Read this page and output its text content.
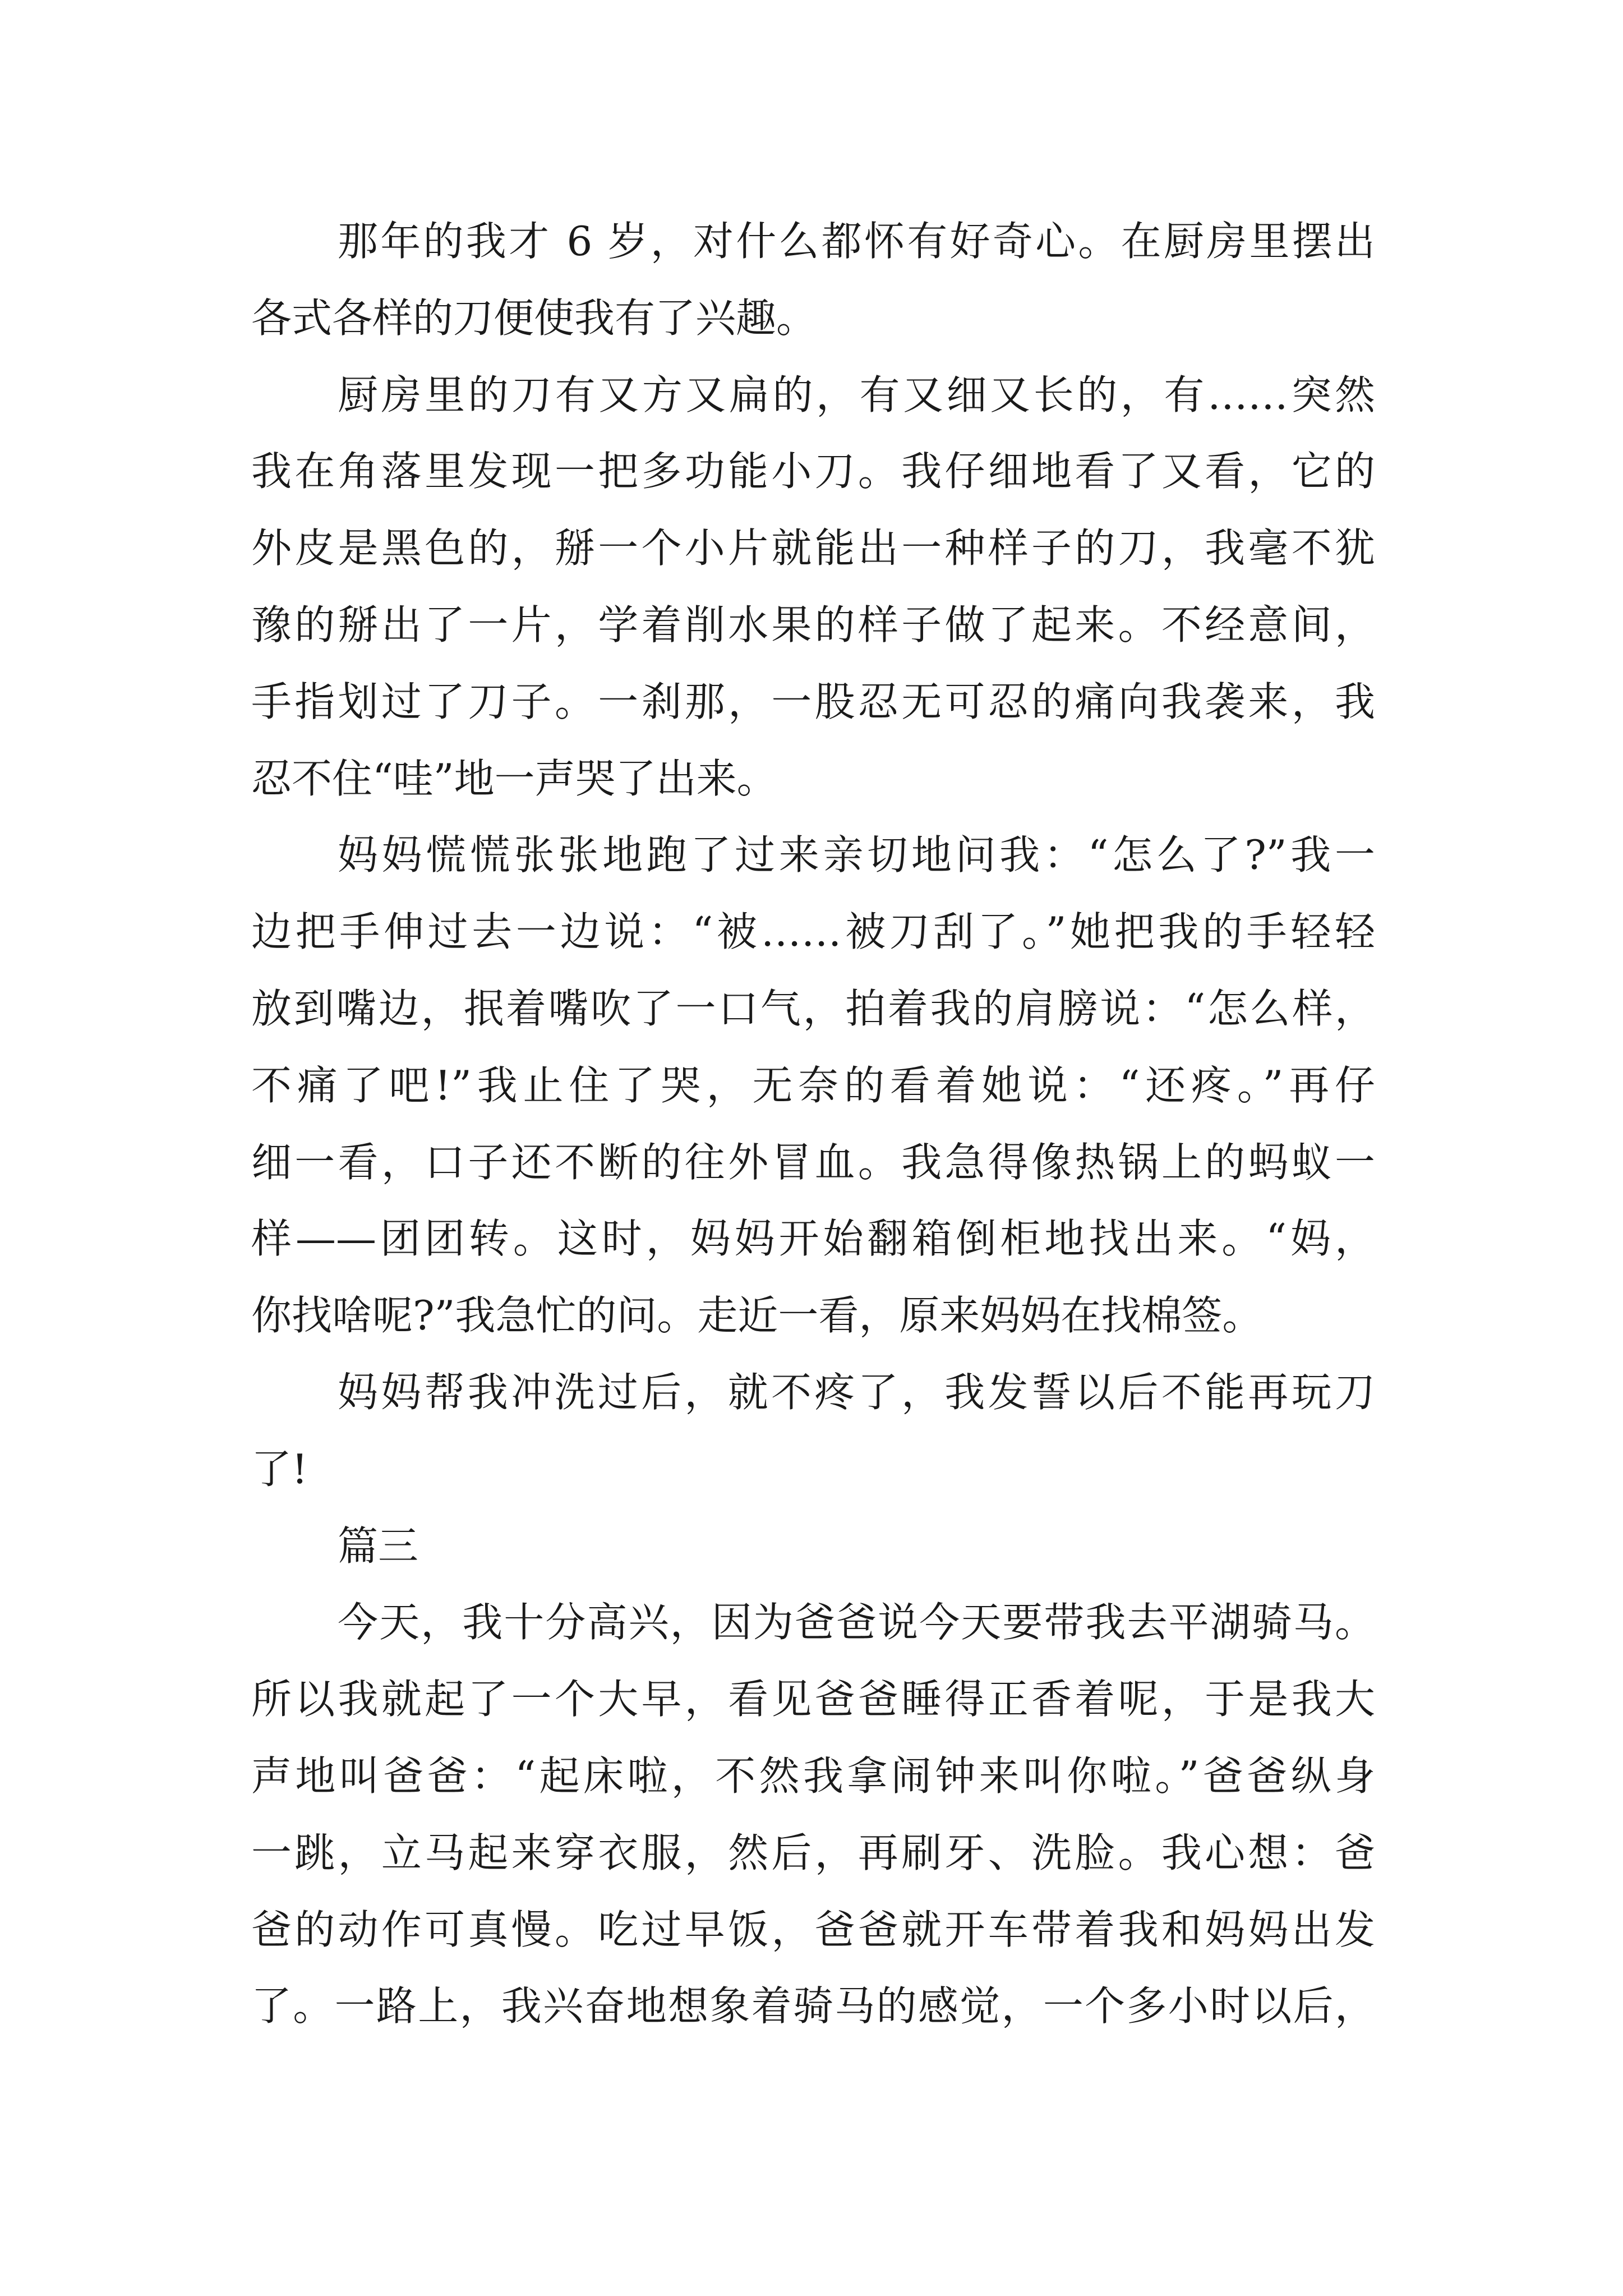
那年的我才 6 岁，对什么都怀有好奇心。在厨房里摆出
各式各样的刀便使我有了兴趣。
厨房里的刀有又方又扁的，有又细又长的，有……突然
我在角落里发现一把多功能小刀。我仔细地看了又看，它的
外皮是黑色的，掰一个小片就能出一种样子的刀，我毫不犹
豫的掰出了一片，学着削水果的样子做了起来。不经意间，
手指划过了刀子。一刹那，一股忍无可忍的痛向我袭来，我
忍不住“哇”地一声哭了出来。
妈妈慌慌张张地跑了过来亲切地问我：“怎么了?”我一
边把手伸过去一边说：“被……被刀刮了。”她把我的手轻轻
放到嘴边，抿着嘴吹了一口气，拍着我的肩膀说：“怎么样，
不痛了吧!”我止住了哭，无奈的看着她说：“还疼。”再仔
细一看，口子还不断的往外冒血。我急得像热锅上的蚂蚁一
样——团团转。这时，妈妈开始翻箱倒柜地找出来。“妈，
你找啥呢?”我急忙的问。走近一看，原来妈妈在找棉签。
妈妈帮我冲洗过后，就不疼了，我发誓以后不能再玩刀
了!
篇三
今天，我十分高兴，因为爸爸说今天要带我去平湖骑马。
所以我就起了一个大早，看见爸爸睡得正香着呢，于是我大
声地叫爸爸：“起床啦，不然我拿闹钟来叫你啦。”爸爸纵身
一跳，立马起来穿衣服，然后，再刷牙、洗脸。我心想：爸
爸的动作可真慢。吃过早饭，爸爸就开车带着我和妈妈出发
了。一路上，我兴奋地想象着骑马的感觉，一个多小时以后，
